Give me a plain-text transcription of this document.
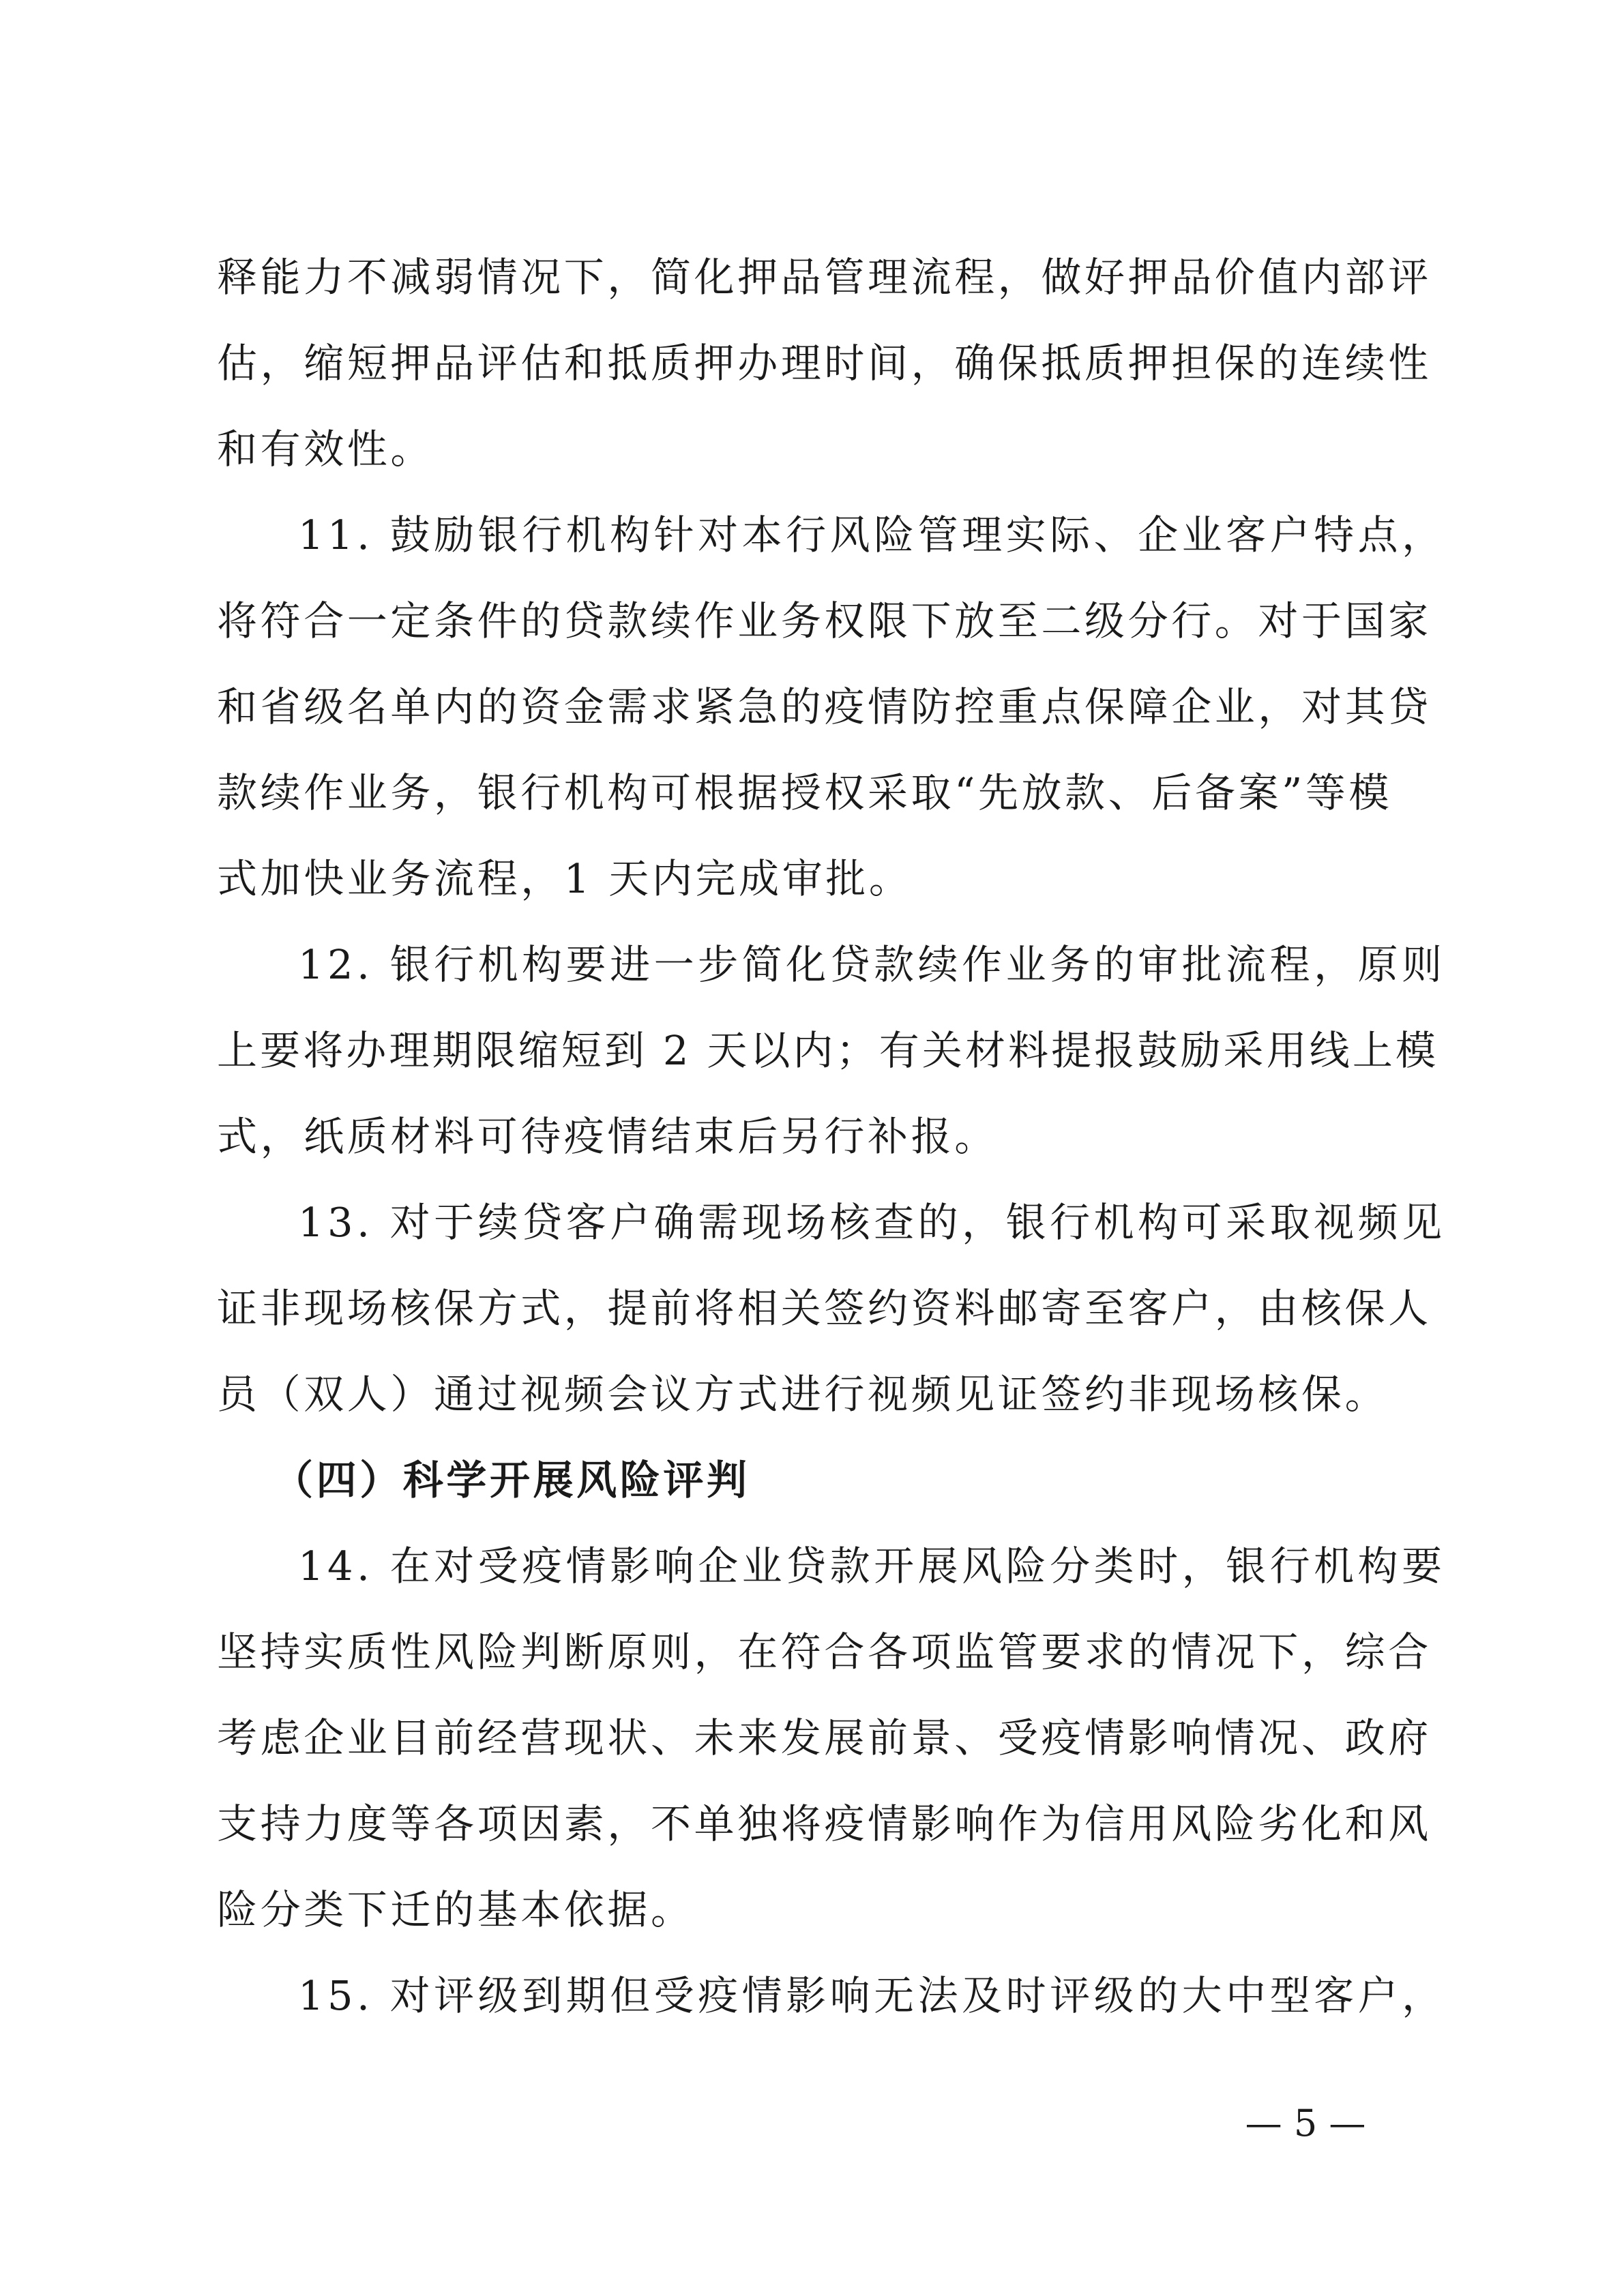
释能力不减弱情况下，简化押品管理流程，做好押品价值内部评
估，缩短押品评估和抵质押办理时间，确保抵质押担保的连续性
和有效性。
11. 鼓励银行机构针对本行风险管理实际、企业客户特点，
将符合一定条件的贷款续作业务权限下放至二级分行。对于国家
和省级名单内的资金需求紧急的疫情防控重点保障企业，对其贷
款续作业务，银行机构可根据授权采取“先放款、后备案”等模
式加快业务流程，1 天内完成审批。
12. 银行机构要进一步简化贷款续作业务的审批流程，原则
上要将办理期限缩短到 2 天以内；有关材料提报鼓励采用线上模
式，纸质材料可待疫情结束后另行补报。
13. 对于续贷客户确需现场核查的，银行机构可采取视频见
证非现场核保方式，提前将相关签约资料邮寄至客户，由核保人
员（双人）通过视频会议方式进行视频见证签约非现场核保。
（四）科学开展风险评判
14. 在对受疫情影响企业贷款开展风险分类时，银行机构要
坚持实质性风险判断原则，在符合各项监管要求的情况下，综合
考虑企业目前经营现状、未来发展前景、受疫情影响情况、政府
支持力度等各项因素，不单独将疫情影响作为信用风险劣化和风
险分类下迁的基本依据。
15. 对评级到期但受疫情影响无法及时评级的大中型客户，
— 5 —
